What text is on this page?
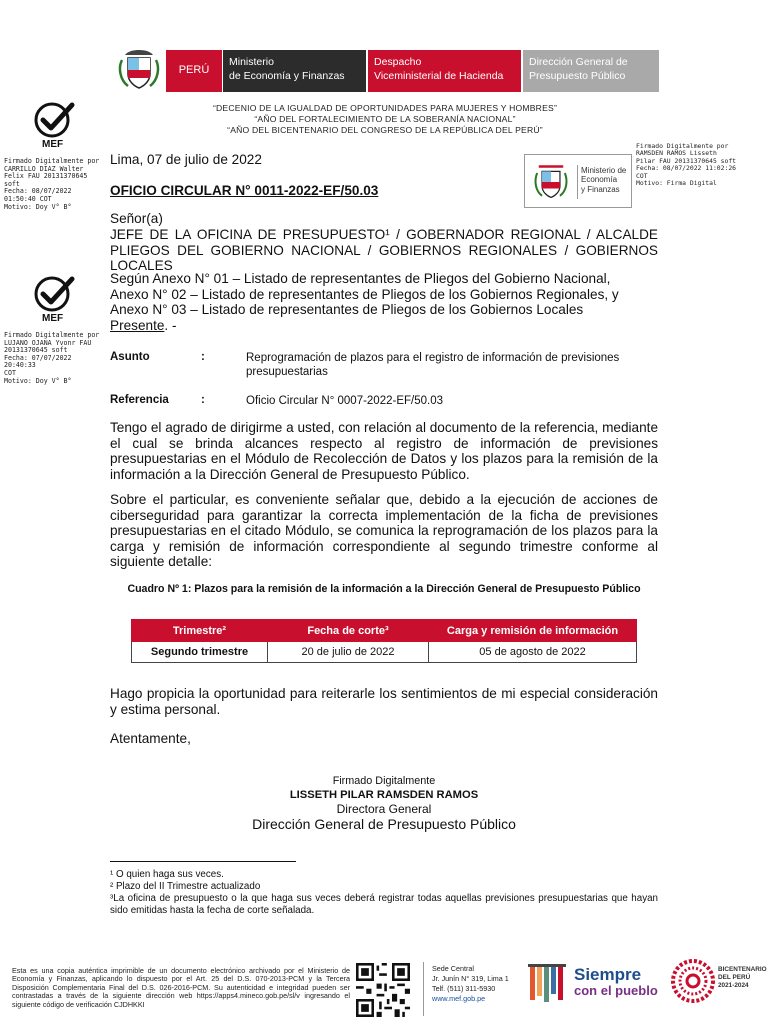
PERÚ
Ministerio
de Economía y Finanzas
Despacho
Viceministerial de Hacienda
Dirección General de
Presupuesto Público
“DECENIO DE LA IGUALDAD DE OPORTUNIDADES PARA MUJERES Y HOMBRES”
“AÑO DEL FORTALECIMIENTO DE LA SOBERANÍA NACIONAL”
“AÑO DEL BICENTENARIO DEL CONGRESO DE LA REPÚBLICA DEL PERÚ”
MEF
Firmado Digitalmente por
CARRILLO DIAZ Walter
Felix FAU 20131370645
soft
Fecha: 08/07/2022
01:50:40 COT
Motivo: Doy V° B°
MEF
Firmado Digitalmente por
LUJANO OJANA Yvonr FAU
20131370645 soft
Fecha: 07/07/2022 20:40:33
COT
Motivo: Doy V° B°
Firmado Digitalmente por
RAMSDEN RAMOS Lisseth
Pilar FAU 20131370645 soft
Fecha: 08/07/2022 11:02:26
COT
Motivo: Firma Digital
Ministerio de
Economía
y Finanzas
Lima, 07 de julio de 2022
OFICIO CIRCULAR N° 0011-2022-EF/50.03
Señor(a)
JEFE DE LA OFICINA DE PRESUPUESTO¹ / GOBERNADOR REGIONAL / ALCALDE PLIEGOS DEL GOBIERNO NACIONAL / GOBIERNOS REGIONALES / GOBIERNOS LOCALES
Según Anexo N° 01 – Listado de representantes de Pliegos del Gobierno Nacional,
Anexo N° 02 – Listado de representantes de Pliegos de los Gobiernos Regionales, y
Anexo N° 03 – Listado de representantes de Pliegos de los Gobiernos Locales
Presente. -
Asunto	:	Reprogramación de plazos para el registro de información de previsiones presupuestarias
Referencia	:	Oficio Circular N° 0007-2022-EF/50.03
Tengo el agrado de dirigirme a usted, con relación al documento de la referencia, mediante el cual se brinda alcances respecto al registro de información de previsiones presupuestarias en el Módulo de Recolección de Datos y los plazos para la remisión de la información a la Dirección General de Presupuesto Público.
Sobre el particular, es conveniente señalar que, debido a la ejecución de acciones de ciberseguridad para garantizar la correcta implementación de la ficha de previsiones presupuestarias en el citado Módulo, se comunica la reprogramación de los plazos para la carga y remisión de información correspondiente al segundo trimestre conforme al siguiente detalle:
Cuadro Nº 1: Plazos para la remisión de la información a la Dirección General de Presupuesto Público
Trimestre²	Fecha de corte³	Carga y remisión de información
Segundo trimestre	20 de julio de 2022	05 de agosto de 2022
Hago propicia la oportunidad para reiterarle los sentimientos de mi especial consideración y estima personal.
Atentamente,
Firmado Digitalmente
LISSETH PILAR RAMSDEN RAMOS
Directora General
Dirección General de Presupuesto Público
¹ O quien haga sus veces.
² Plazo del II Trimestre actualizado
³La oficina de presupuesto o la que haga sus veces deberá registrar todas aquellas previsiones presupuestarias que hayan sido emitidas hasta la fecha de corte señalada.
Esta es una copia auténtica imprimible de un documento electrónico archivado por el Ministerio de Economía y Finanzas, aplicando lo dispuesto por el Art. 25 del D.S. 070-2013-PCM y la Tercera Disposición Complementaria Final del D.S. 026-2016-PCM. Su autenticidad e integridad pueden ser contrastadas a través de la siguiente dirección web https://apps4.mineco.gob.pe/sl/v ingresando el siguiente código de verificación CJDHKKI
Sede Central
Jr. Junín N° 319, Lima 1
Telf. (511) 311-5930
www.mef.gob.pe
Siempre
con el pueblo
BICENTENARIO
DEL PERÚ
2021-2024
